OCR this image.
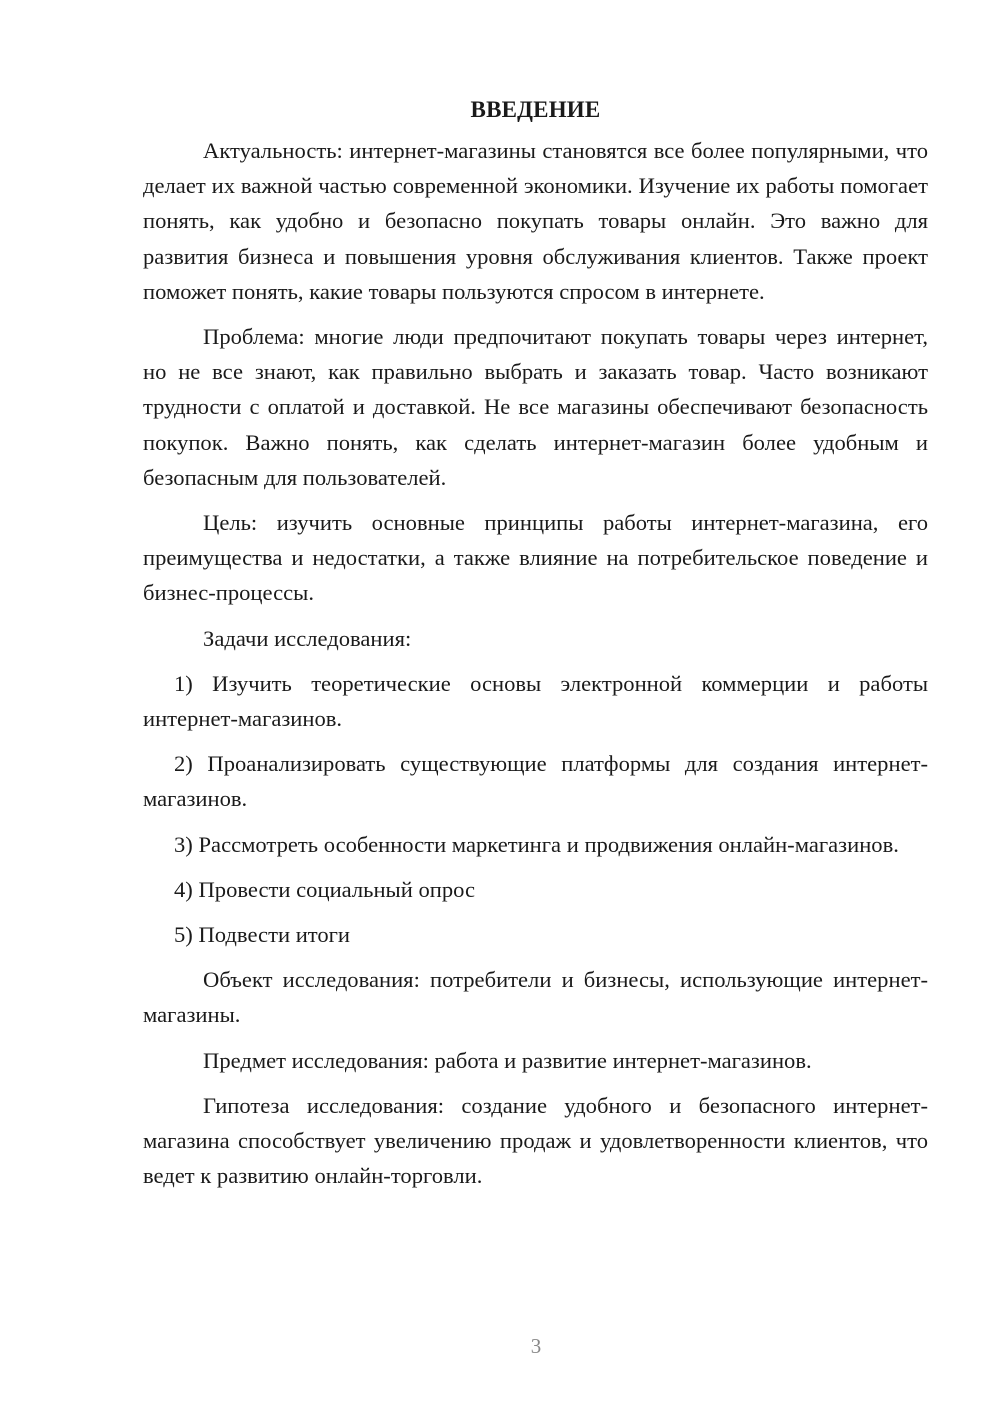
ВВЕДЕНИЕ

Актуальность: интернет-магазины становятся все более популярными, что делает их важной частью современной экономики. Изучение их работы помогает понять, как удобно и безопасно покупать товары онлайн. Это важно для развития бизнеса и повышения уровня обслуживания клиентов. Также проект поможет понять, какие товары пользуются спросом в интернете.

Проблема: многие люди предпочитают покупать товары через интернет, но не все знают, как правильно выбрать и заказать товар. Часто возникают трудности с оплатой и доставкой. Не все магазины обеспечивают безопасность покупок. Важно понять, как сделать интернет-магазин более удобным и безопасным для пользователей.

Цель: изучить основные принципы работы интернет-магазина, его преимущества и недостатки, а также влияние на потребительское поведение и бизнес-процессы.

Задачи исследования:

1) Изучить теоретические основы электронной коммерции и работы интернет-магазинов.

2) Проанализировать существующие платформы для создания интернет-магазинов.

3) Рассмотреть особенности маркетинга и продвижения онлайн-магазинов.

4) Провести социальный опрос

5) Подвести итоги

Объект исследования: потребители и бизнесы, использующие интернет-магазины.

Предмет исследования: работа и развитие интернет-магазинов.

Гипотеза исследования: создание удобного и безопасного интернет-магазина способствует увеличению продаж и удовлетворенности клиентов, что ведет к развитию онлайн-торговли.

3
